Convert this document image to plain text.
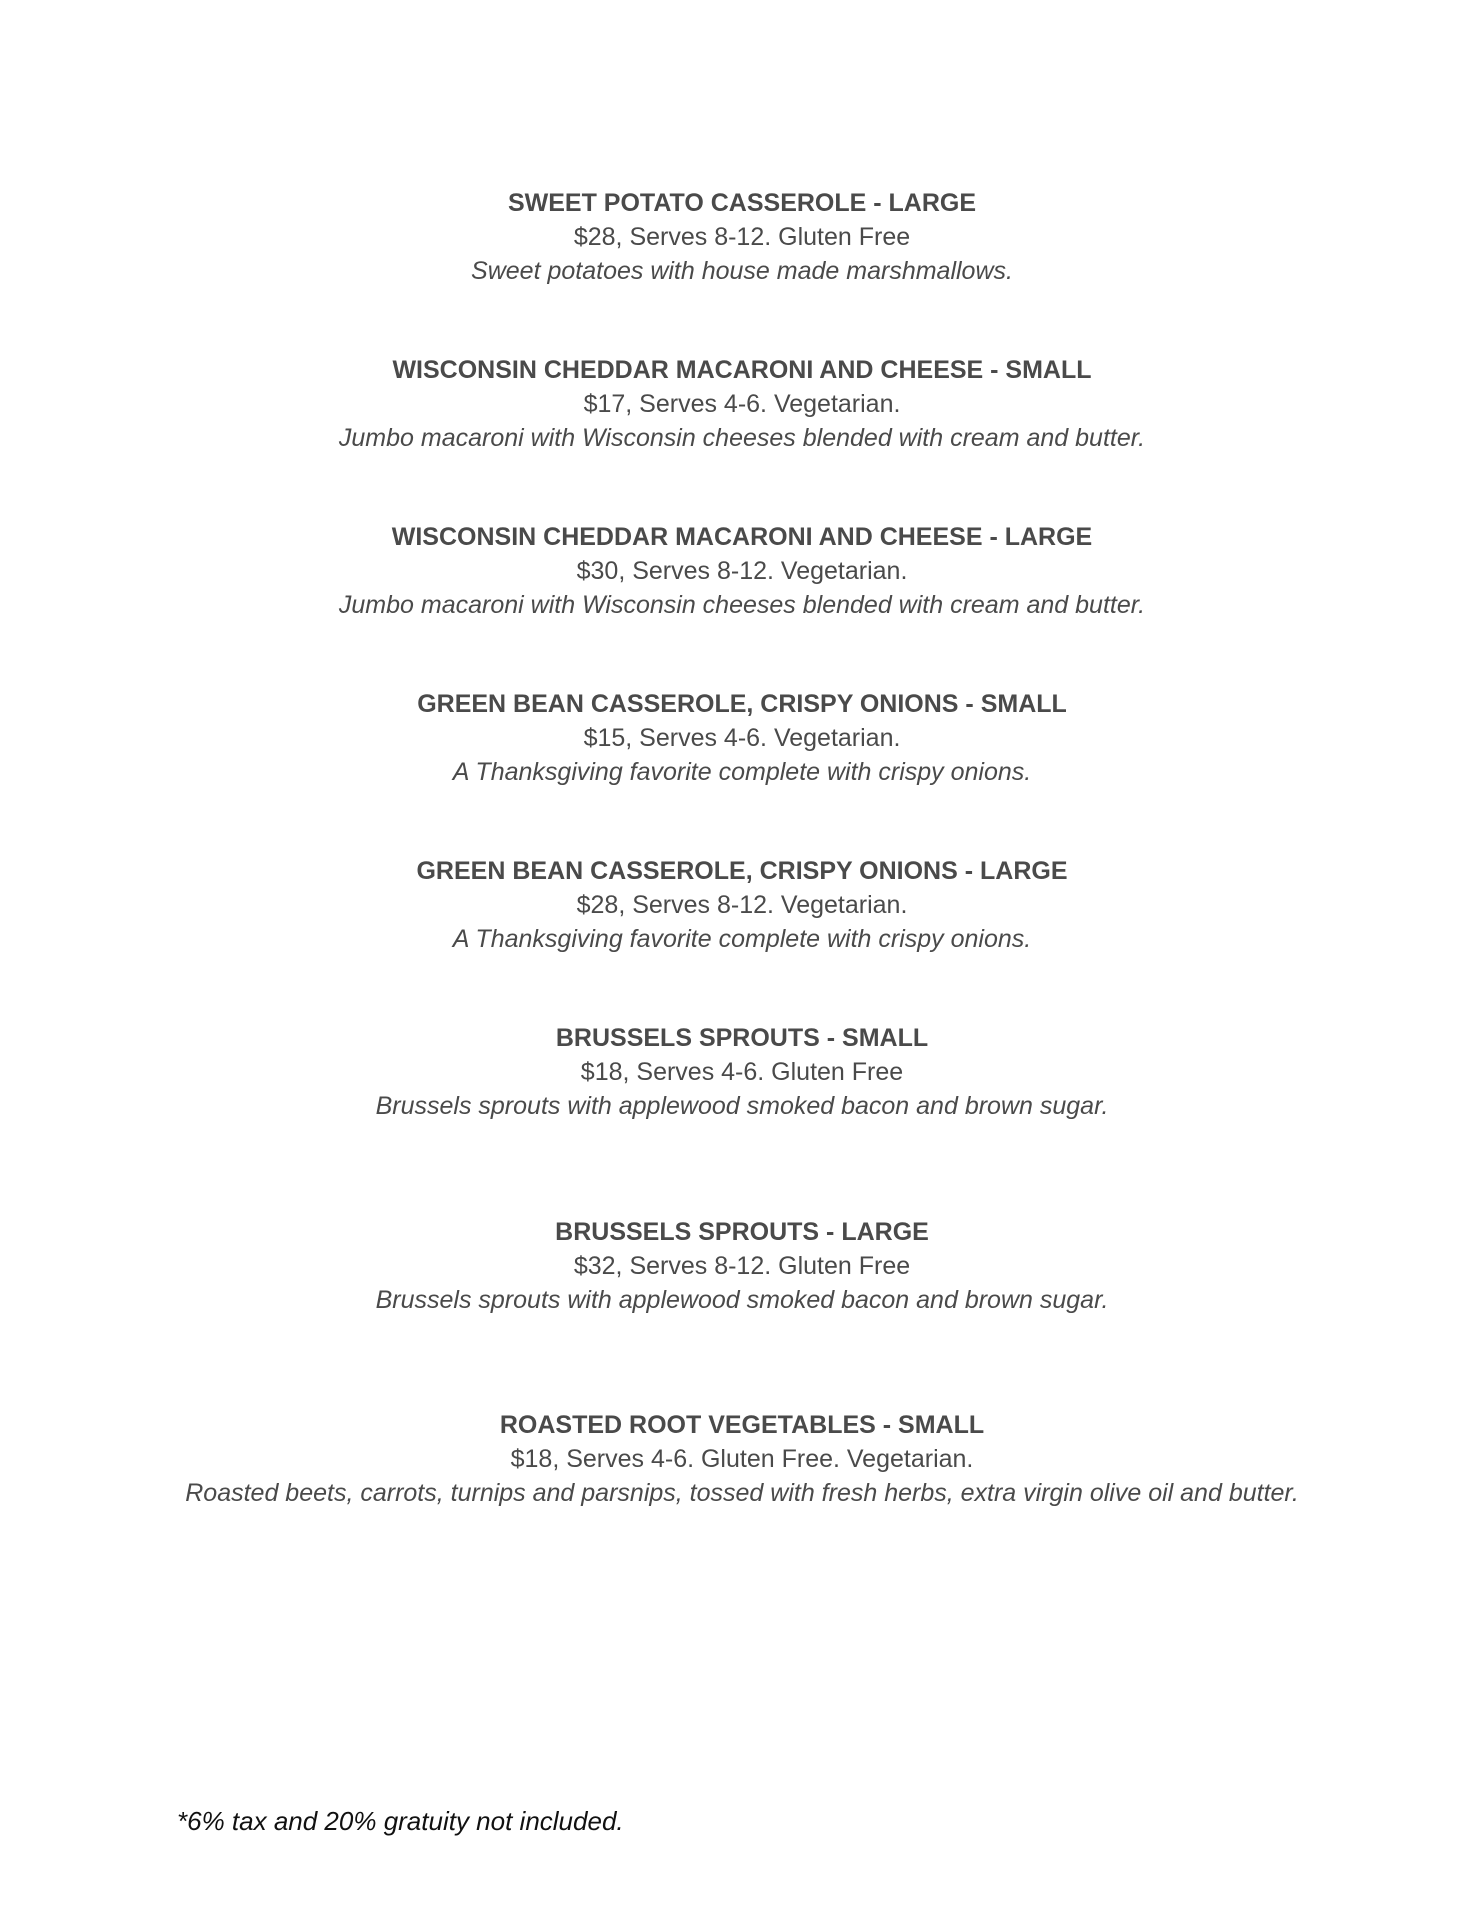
SWEET POTATO CASSEROLE - LARGE
$28, Serves 8-12. Gluten Free
Sweet potatoes with house made marshmallows.
WISCONSIN CHEDDAR MACARONI AND CHEESE - SMALL
$17, Serves 4-6. Vegetarian.
Jumbo macaroni with Wisconsin cheeses blended with cream and butter.
WISCONSIN CHEDDAR MACARONI AND CHEESE - LARGE
$30, Serves 8-12. Vegetarian.
Jumbo macaroni with Wisconsin cheeses blended with cream and butter.
GREEN BEAN CASSEROLE, CRISPY ONIONS - SMALL
$15, Serves 4-6. Vegetarian.
A Thanksgiving favorite complete with crispy onions.
GREEN BEAN CASSEROLE, CRISPY ONIONS - LARGE
$28, Serves 8-12. Vegetarian.
A Thanksgiving favorite complete with crispy onions.
BRUSSELS SPROUTS - SMALL
$18, Serves 4-6. Gluten Free
Brussels sprouts with applewood smoked bacon and brown sugar.
BRUSSELS SPROUTS - LARGE
$32, Serves 8-12. Gluten Free
Brussels sprouts with applewood smoked bacon and brown sugar.
ROASTED ROOT VEGETABLES - SMALL
$18, Serves 4-6. Gluten Free. Vegetarian.
Roasted beets, carrots, turnips and parsnips, tossed with fresh herbs, extra virgin olive oil and butter.
*6% tax and 20% gratuity not included.
